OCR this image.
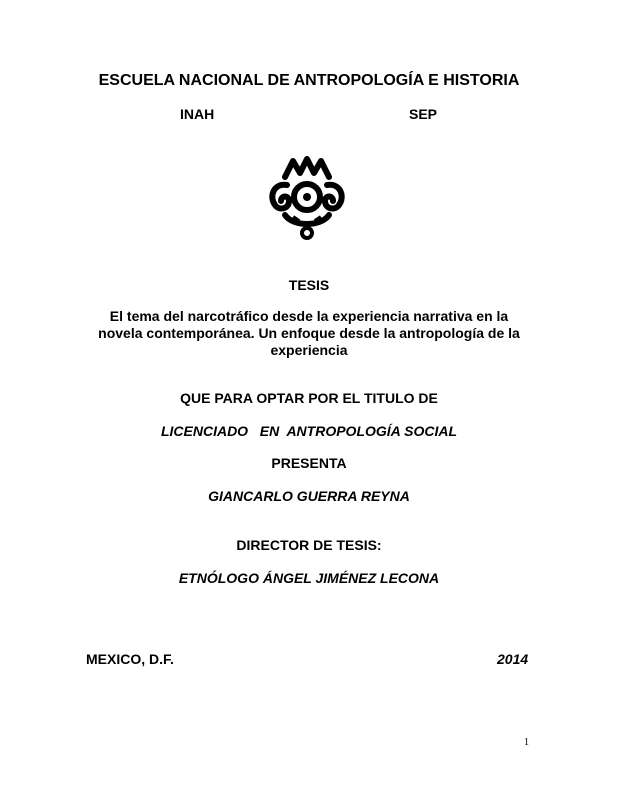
ESCUELA NACIONAL DE ANTROPOLOGÍA E HISTORIA

INAH	SEP

TESIS

El tema del narcotráfico desde la experiencia narrativa en la novela contemporánea. Un enfoque desde la antropología de la experiencia

QUE PARA OPTAR POR EL TITULO DE

LICENCIADO   EN  ANTROPOLOGÍA SOCIAL

PRESENTA

GIANCARLO GUERRA REYNA

DIRECTOR DE TESIS:

ETNÓLOGO ÁNGEL JIMÉNEZ LECONA

MEXICO, D.F.	2014
1
